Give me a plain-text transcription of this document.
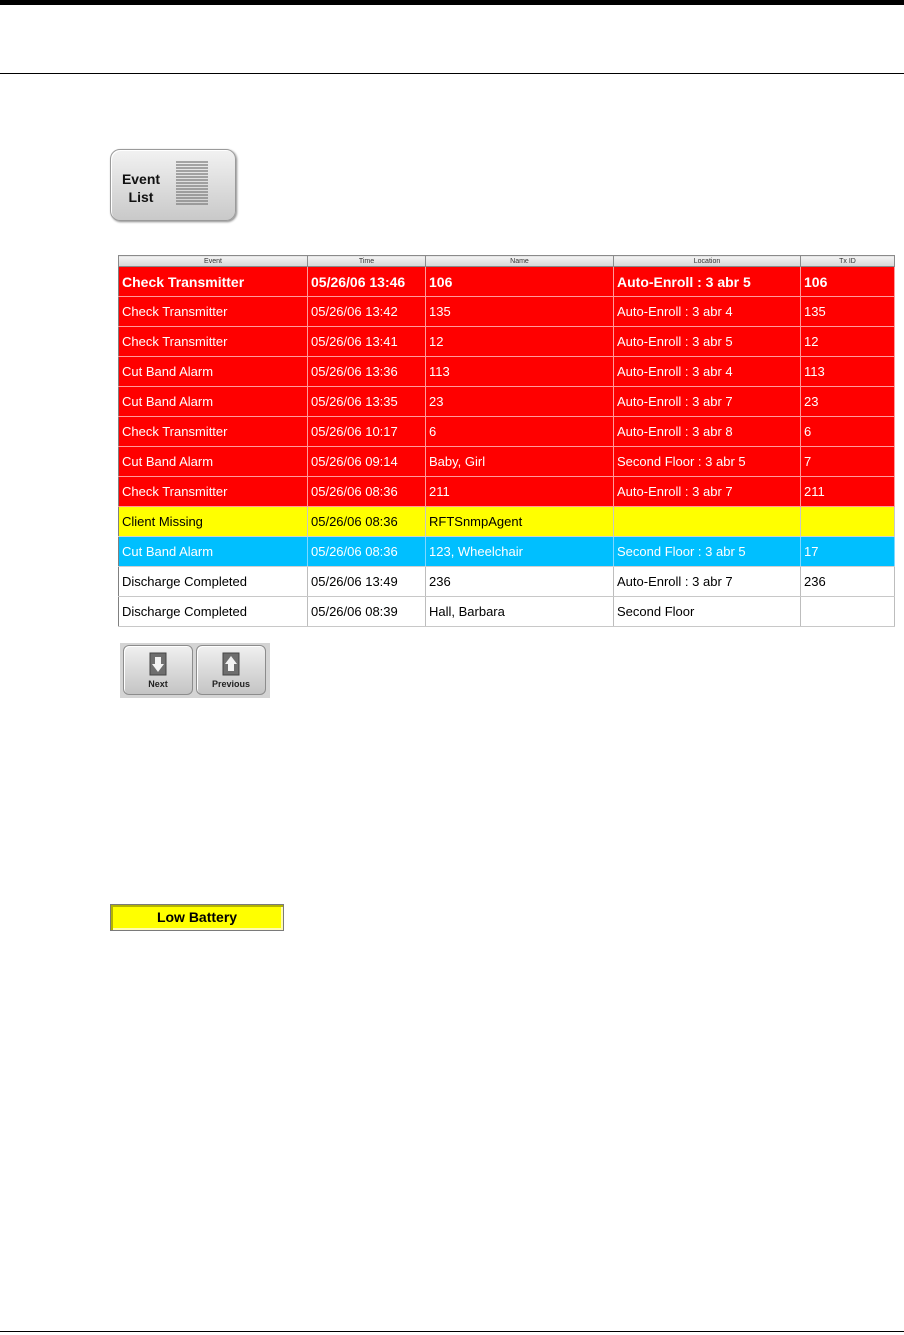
Event
List
Event	Time	Name	Location	Tx ID
Check Transmitter	05/26/06 13:46	106	Auto-Enroll : 3 abr 5	106
Check Transmitter	05/26/06 13:42	135	Auto-Enroll : 3 abr 4	135
Check Transmitter	05/26/06 13:41	12	Auto-Enroll : 3 abr 5	12
Cut Band Alarm	05/26/06 13:36	113	Auto-Enroll : 3 abr 4	113
Cut Band Alarm	05/26/06 13:35	23	Auto-Enroll : 3 abr 7	23
Check Transmitter	05/26/06 10:17	6	Auto-Enroll : 3 abr 8	6
Cut Band Alarm	05/26/06 09:14	Baby, Girl	Second Floor : 3 abr 5	7
Check Transmitter	05/26/06 08:36	211	Auto-Enroll : 3 abr 7	211
Client Missing	05/26/06 08:36	RFTSnmpAgent		
Cut Band Alarm	05/26/06 08:36	123, Wheelchair	Second Floor : 3 abr 5	17
Discharge Completed	05/26/06 13:49	236	Auto-Enroll : 3 abr 7	236
Discharge Completed	05/26/06 08:39	Hall, Barbara	Second Floor	
Next	Previous
Low Battery
